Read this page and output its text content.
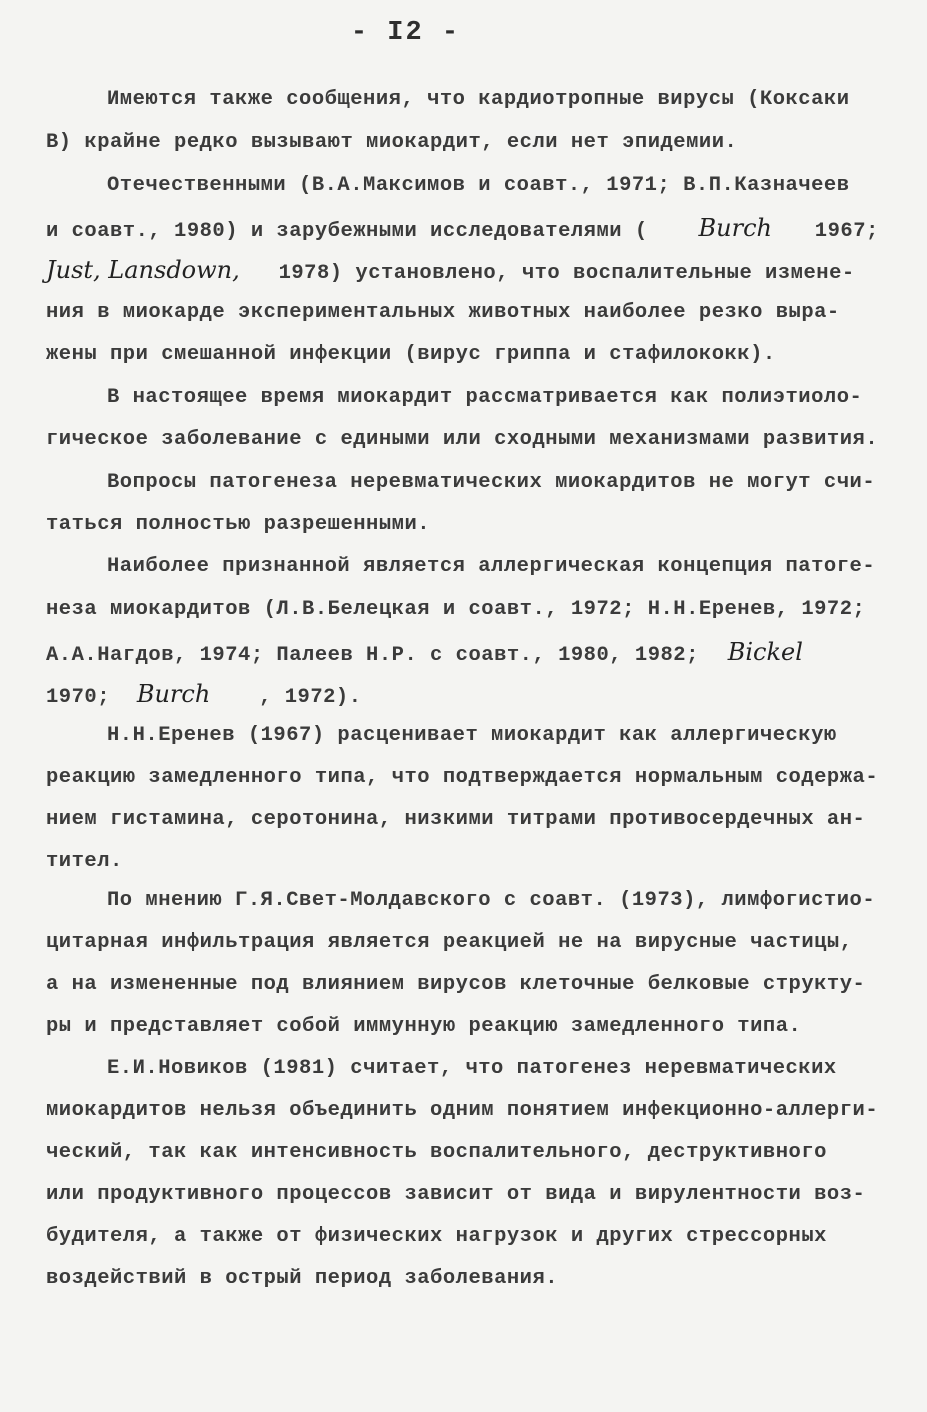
- I2 -
Имеются также сообщения, что кардиотропные вирусы (Коксаки
В) крайне редко вызывают миокардит, если нет эпидемии.
Отечественными (В.А.Максимов и соавт., 1971; В.П.Казначеев
и соавт., 1980) и зарубежными исследователями ( Burch 1967;
Just, Lansdown, 1978) установлено, что воспалительные измене-
ния в миокарде экспериментальных животных наиболее резко выра-
жены при смешанной инфекции (вирус гриппа и стафилококк).
В настоящее время миокардит рассматривается как полиэтиоло-
гическое заболевание с едиными или сходными механизмами развития.
Вопросы патогенеза неревматических миокардитов не могут счи-
таться полностью разрешенными.
Наиболее признанной является аллергическая концепция патоге-
неза миокардитов (Л.В.Белецкая и соавт., 1972; Н.Н.Еренев, 1972;
А.А.Нагдов, 1974; Палеев Н.Р. с соавт., 1980, 1982; Bickel
1970; Burch , 1972).
Н.Н.Еренев (1967) расценивает миокардит как аллергическую
реакцию замедленного типа, что подтверждается нормальным содержа-
нием гистамина, серотонина, низкими титрами противосердечных ан-
тител.
По мнению Г.Я.Свет-Молдавского с соавт. (1973), лимфогистио-
цитарная инфильтрация является реакцией не на вирусные частицы,
а на измененные под влиянием вирусов клеточные белковые структу-
ры и представляет собой иммунную реакцию замедленного типа.
Е.И.Новиков (1981) считает, что патогенез неревматических
миокардитов нельзя объединить одним понятием инфекционно-аллерги-
ческий, так как интенсивность воспалительного, деструктивного
или продуктивного процессов зависит от вида и вирулентности воз-
будителя, а также от физических нагрузок и других стрессорных
воздействий в острый период заболевания.
